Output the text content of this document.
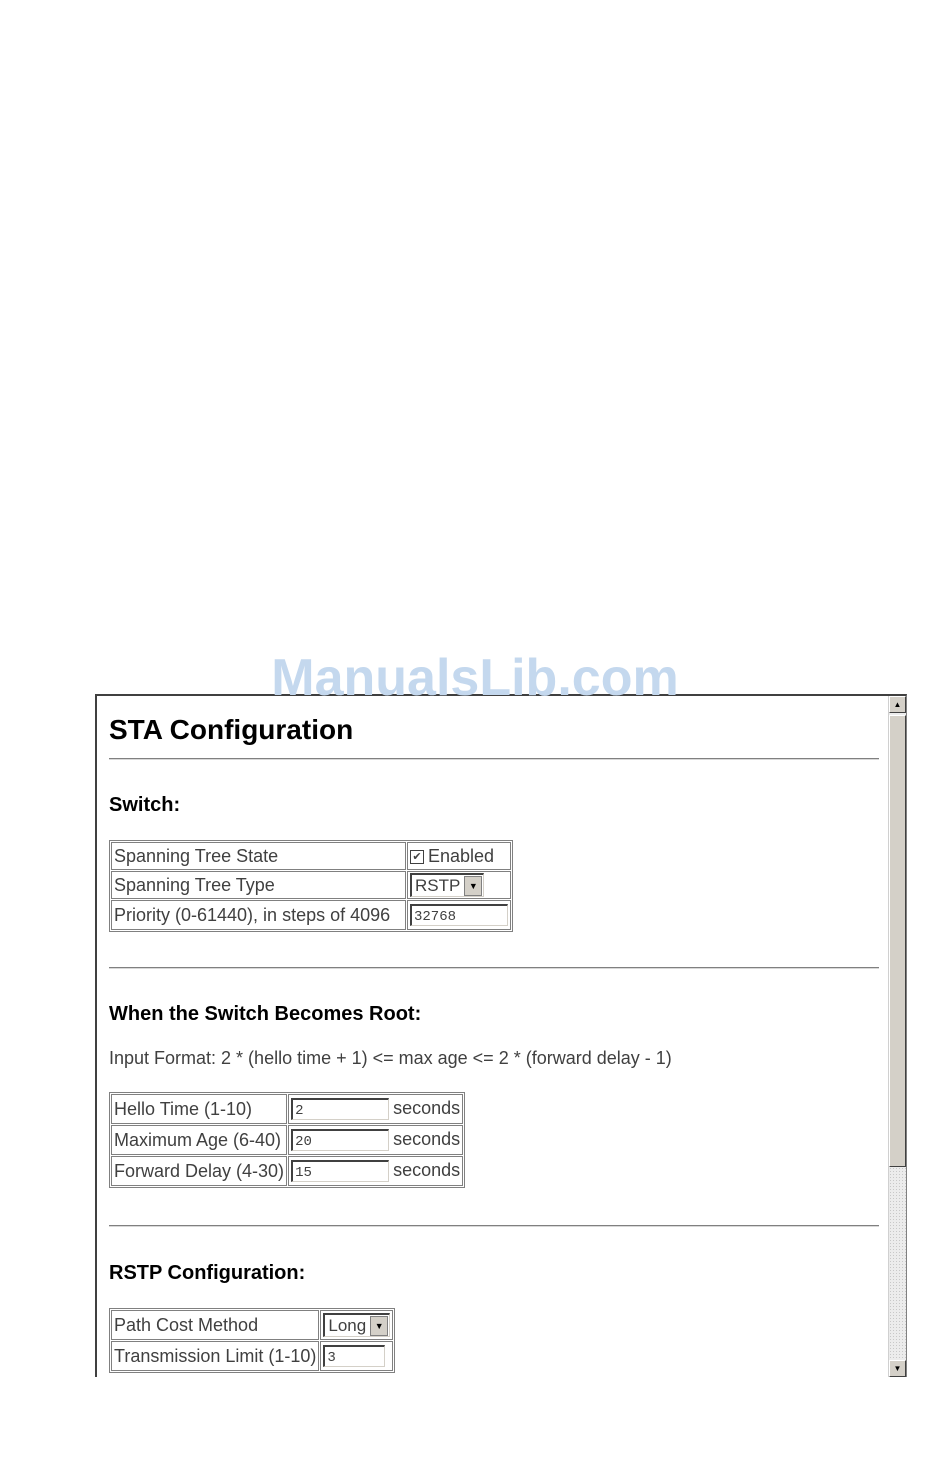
ManualsLib.com
STA Configuration
Switch:
Spanning Tree State	✔ Enabled
Spanning Tree Type	RSTP ▼

Priority (0-61440), in steps of 4096	32768
When the Switch Becomes Root:
Input Format: 2 * (hello time + 1) <= max age <= 2 * (forward delay - 1)
Hello Time (1-10)	2 seconds
Maximum Age (6-40)	20 seconds
Forward Delay (4-30)	15 seconds
RSTP Configuration:
Path Cost Method	Long ▼

Transmission Limit (1-10)	3
▲
▼
